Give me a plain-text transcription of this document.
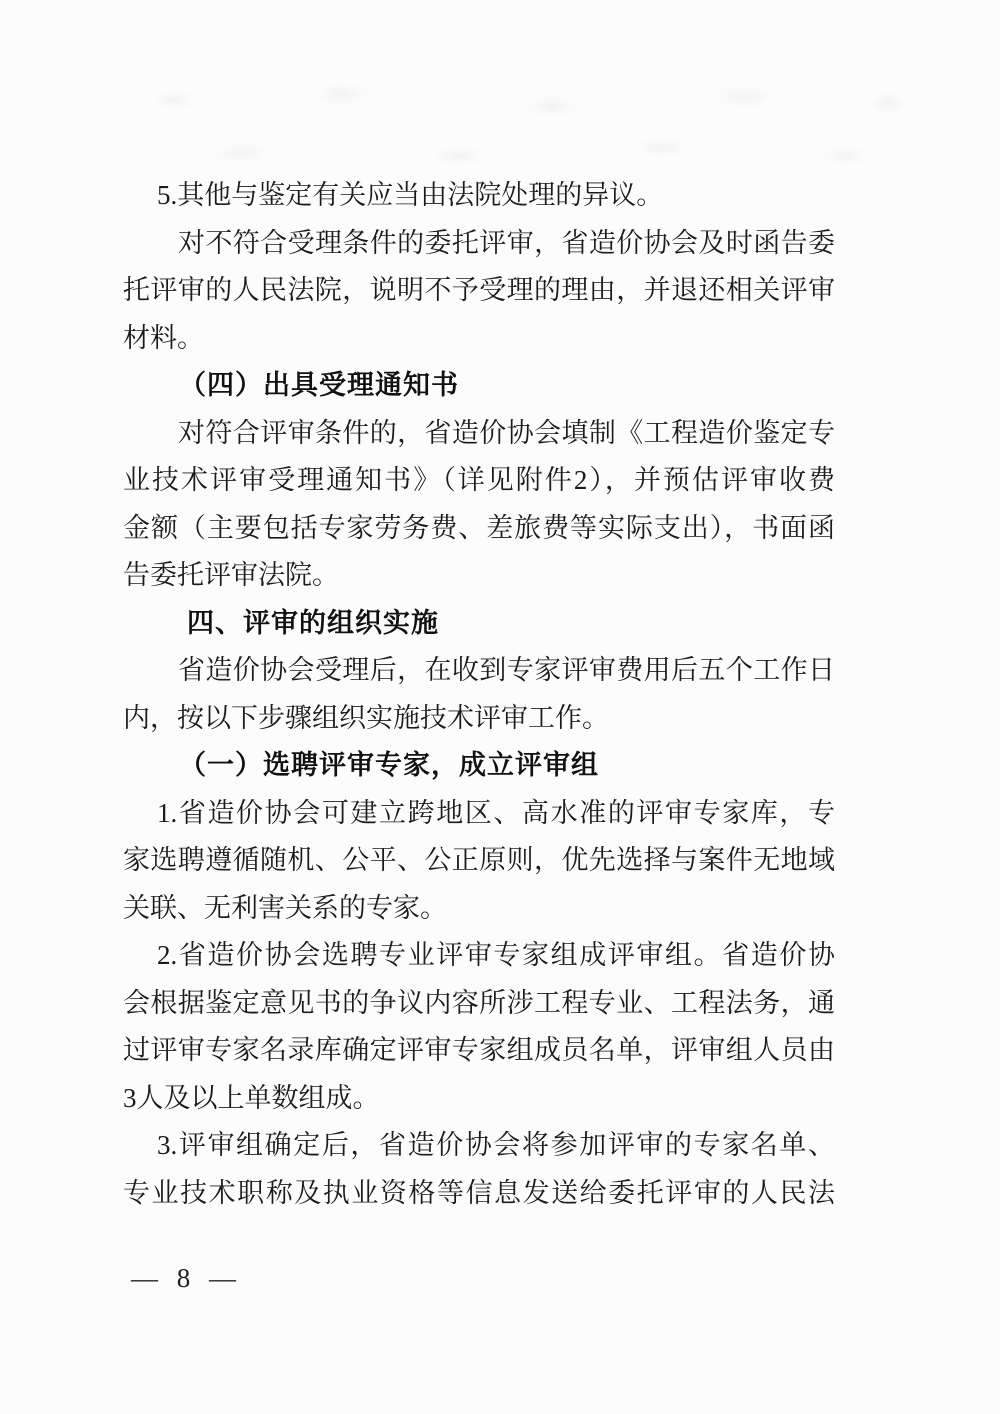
5.其他与鉴定有关应当由法院处理的异议。
对不符合受理条件的委托评审，省造价协会及时函告委
托评审的人民法院，说明不予受理的理由，并退还相关评审
材料。
（四）出具受理通知书
对符合评审条件的，省造价协会填制《工程造价鉴定专
业技术评审受理通知书》（详见附件2），并预估评审收费
金额（主要包括专家劳务费、差旅费等实际支出），书面函
告委托评审法院。
四、评审的组织实施
省造价协会受理后，在收到专家评审费用后五个工作日
内，按以下步骤组织实施技术评审工作。
（一）选聘评审专家，成立评审组
1.省造价协会可建立跨地区、高水准的评审专家库，专
家选聘遵循随机、公平、公正原则，优先选择与案件无地域
关联、无利害关系的专家。
2.省造价协会选聘专业评审专家组成评审组。省造价协
会根据鉴定意见书的争议内容所涉工程专业、工程法务，通
过评审专家名录库确定评审专家组成员名单，评审组人员由
3人及以上单数组成。
3.评审组确定后，省造价协会将参加评审的专家名单、
专业技术职称及执业资格等信息发送给委托评审的人民法
— 8 —
